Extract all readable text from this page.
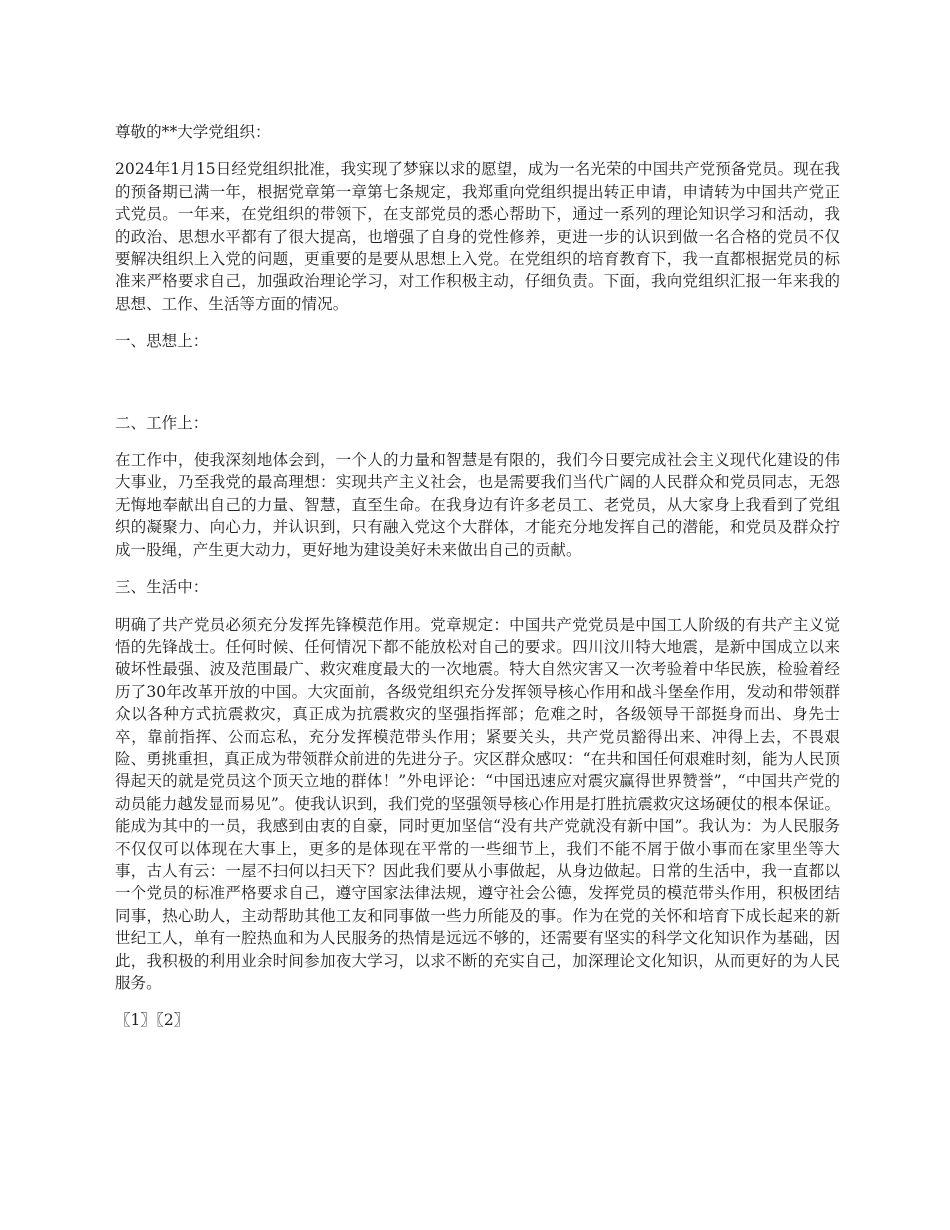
尊敬的**大学党组织：

2024年1月15日经党组织批准，我实现了梦寐以求的愿望，成为一名光荣的中国共产党预备党员。现在我的预备期已满一年，根据党章第一章第七条规定，我郑重向党组织提出转正申请，申请转为中国共产党正式党员。一年来，在党组织的带领下，在支部党员的悉心帮助下，通过一系列的理论知识学习和活动，我的政治、思想水平都有了很大提高，也增强了自身的党性修养，更进一步的认识到做一名合格的党员不仅要解决组织上入党的问题，更重要的是要从思想上入党。在党组织的培育教育下，我一直都根据党员的标准来严格要求自己，加强政治理论学习，对工作积极主动，仔细负责。下面，我向党组织汇报一年来我的思想、工作、生活等方面的情况。

一、思想上：

二、工作上：

在工作中，使我深刻地体会到，一个人的力量和智慧是有限的，我们今日要完成社会主义现代化建设的伟大事业，乃至我党的最高理想：实现共产主义社会，也是需要我们当代广阔的人民群众和党员同志，无怨无悔地奉献出自己的力量、智慧，直至生命。在我身边有许多老员工、老党员，从大家身上我看到了党组织的凝聚力、向心力，并认识到，只有融入党这个大群体，才能充分地发挥自己的潜能，和党员及群众拧成一股绳，产生更大动力，更好地为建设美好未来做出自己的贡献。

三、生活中：

明确了共产党员必须充分发挥先锋模范作用。党章规定：中国共产党党员是中国工人阶级的有共产主义觉悟的先锋战士。任何时候、任何情况下都不能放松对自己的要求。四川汶川特大地震，是新中国成立以来破坏性最强、波及范围最广、救灾难度最大的一次地震。特大自然灾害又一次考验着中华民族，检验着经历了30年改革开放的中国。大灾面前，各级党组织充分发挥领导核心作用和战斗堡垒作用，发动和带领群众以各种方式抗震救灾，真正成为抗震救灾的坚强指挥部；危难之时，各级领导干部挺身而出、身先士卒，靠前指挥、公而忘私，充分发挥模范带头作用；紧要关头，共产党员豁得出来、冲得上去，不畏艰险、勇挑重担，真正成为带领群众前进的先进分子。灾区群众感叹：“在共和国任何艰难时刻，能为人民顶得起天的就是党员这个顶天立地的群体！”外电评论：“中国迅速应对震灾赢得世界赞誉”，“中国共产党的动员能力越发显而易见”。使我认识到，我们党的坚强领导核心作用是打胜抗震救灾这场硬仗的根本保证。能成为其中的一员，我感到由衷的自豪，同时更加坚信“没有共产党就没有新中国”。我认为：为人民服务不仅仅可以体现在大事上，更多的是体现在平常的一些细节上，我们不能不屑于做小事而在家里坐等大事，古人有云：一屋不扫何以扫天下？因此我们要从小事做起，从身边做起。日常的生活中，我一直都以一个党员的标准严格要求自己，遵守国家法律法规，遵守社会公德，发挥党员的模范带头作用，积极团结同事，热心助人，主动帮助其他工友和同事做一些力所能及的事。作为在党的关怀和培育下成长起来的新世纪工人，单有一腔热血和为人民服务的热情是远远不够的，还需要有坚实的科学文化知识作为基础，因此，我积极的利用业余时间参加夜大学习，以求不断的充实自己，加深理论文化知识，从而更好的为人民服务。

〖1〗〖2〗
